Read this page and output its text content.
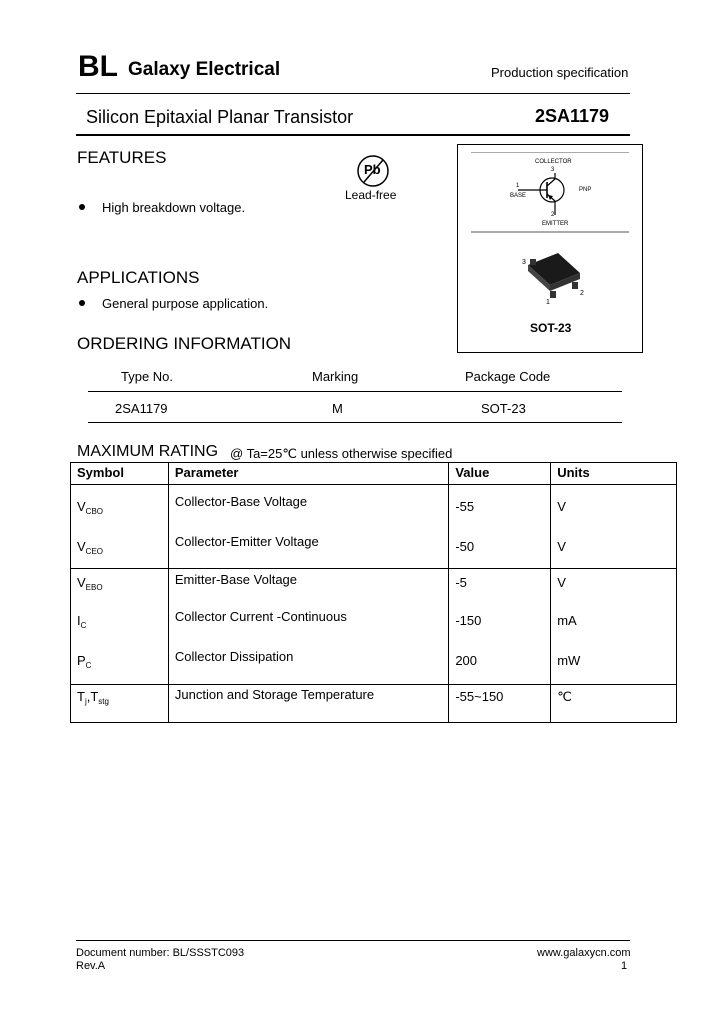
BL Galaxy Electrical	Production specification
Silicon Epitaxial Planar Transistor	2SA1179
FEATURES
High breakdown voltage.
Pb
Lead-free
APPLICATIONS
General purpose application.
COLLECTOR
3
1
BASE
PNP
2
EMITTER
3
1
2
SOT-23
ORDERING INFORMATION
Type No.	Marking	Package Code
2SA1179	M	SOT-23
MAXIMUM RATING @ Ta=25℃ unless otherwise specified
Symbol	Parameter	Value	Units
$V_{CBO}$	Collector-Base Voltage	-55	V
$V_{CEO}$	Collector-Emitter Voltage	-50	V
$V_{EBO}$	Emitter-Base Voltage	-5	V
$I_C$	Collector Current -Continuous	-150	mA
$P_C$	Collector Dissipation	200	mW
$T_j,T_{stg}$	Junction and Storage Temperature	-55~150	℃
Document number: BL/SSSTC093
Rev.A
www.galaxycn.com
1
